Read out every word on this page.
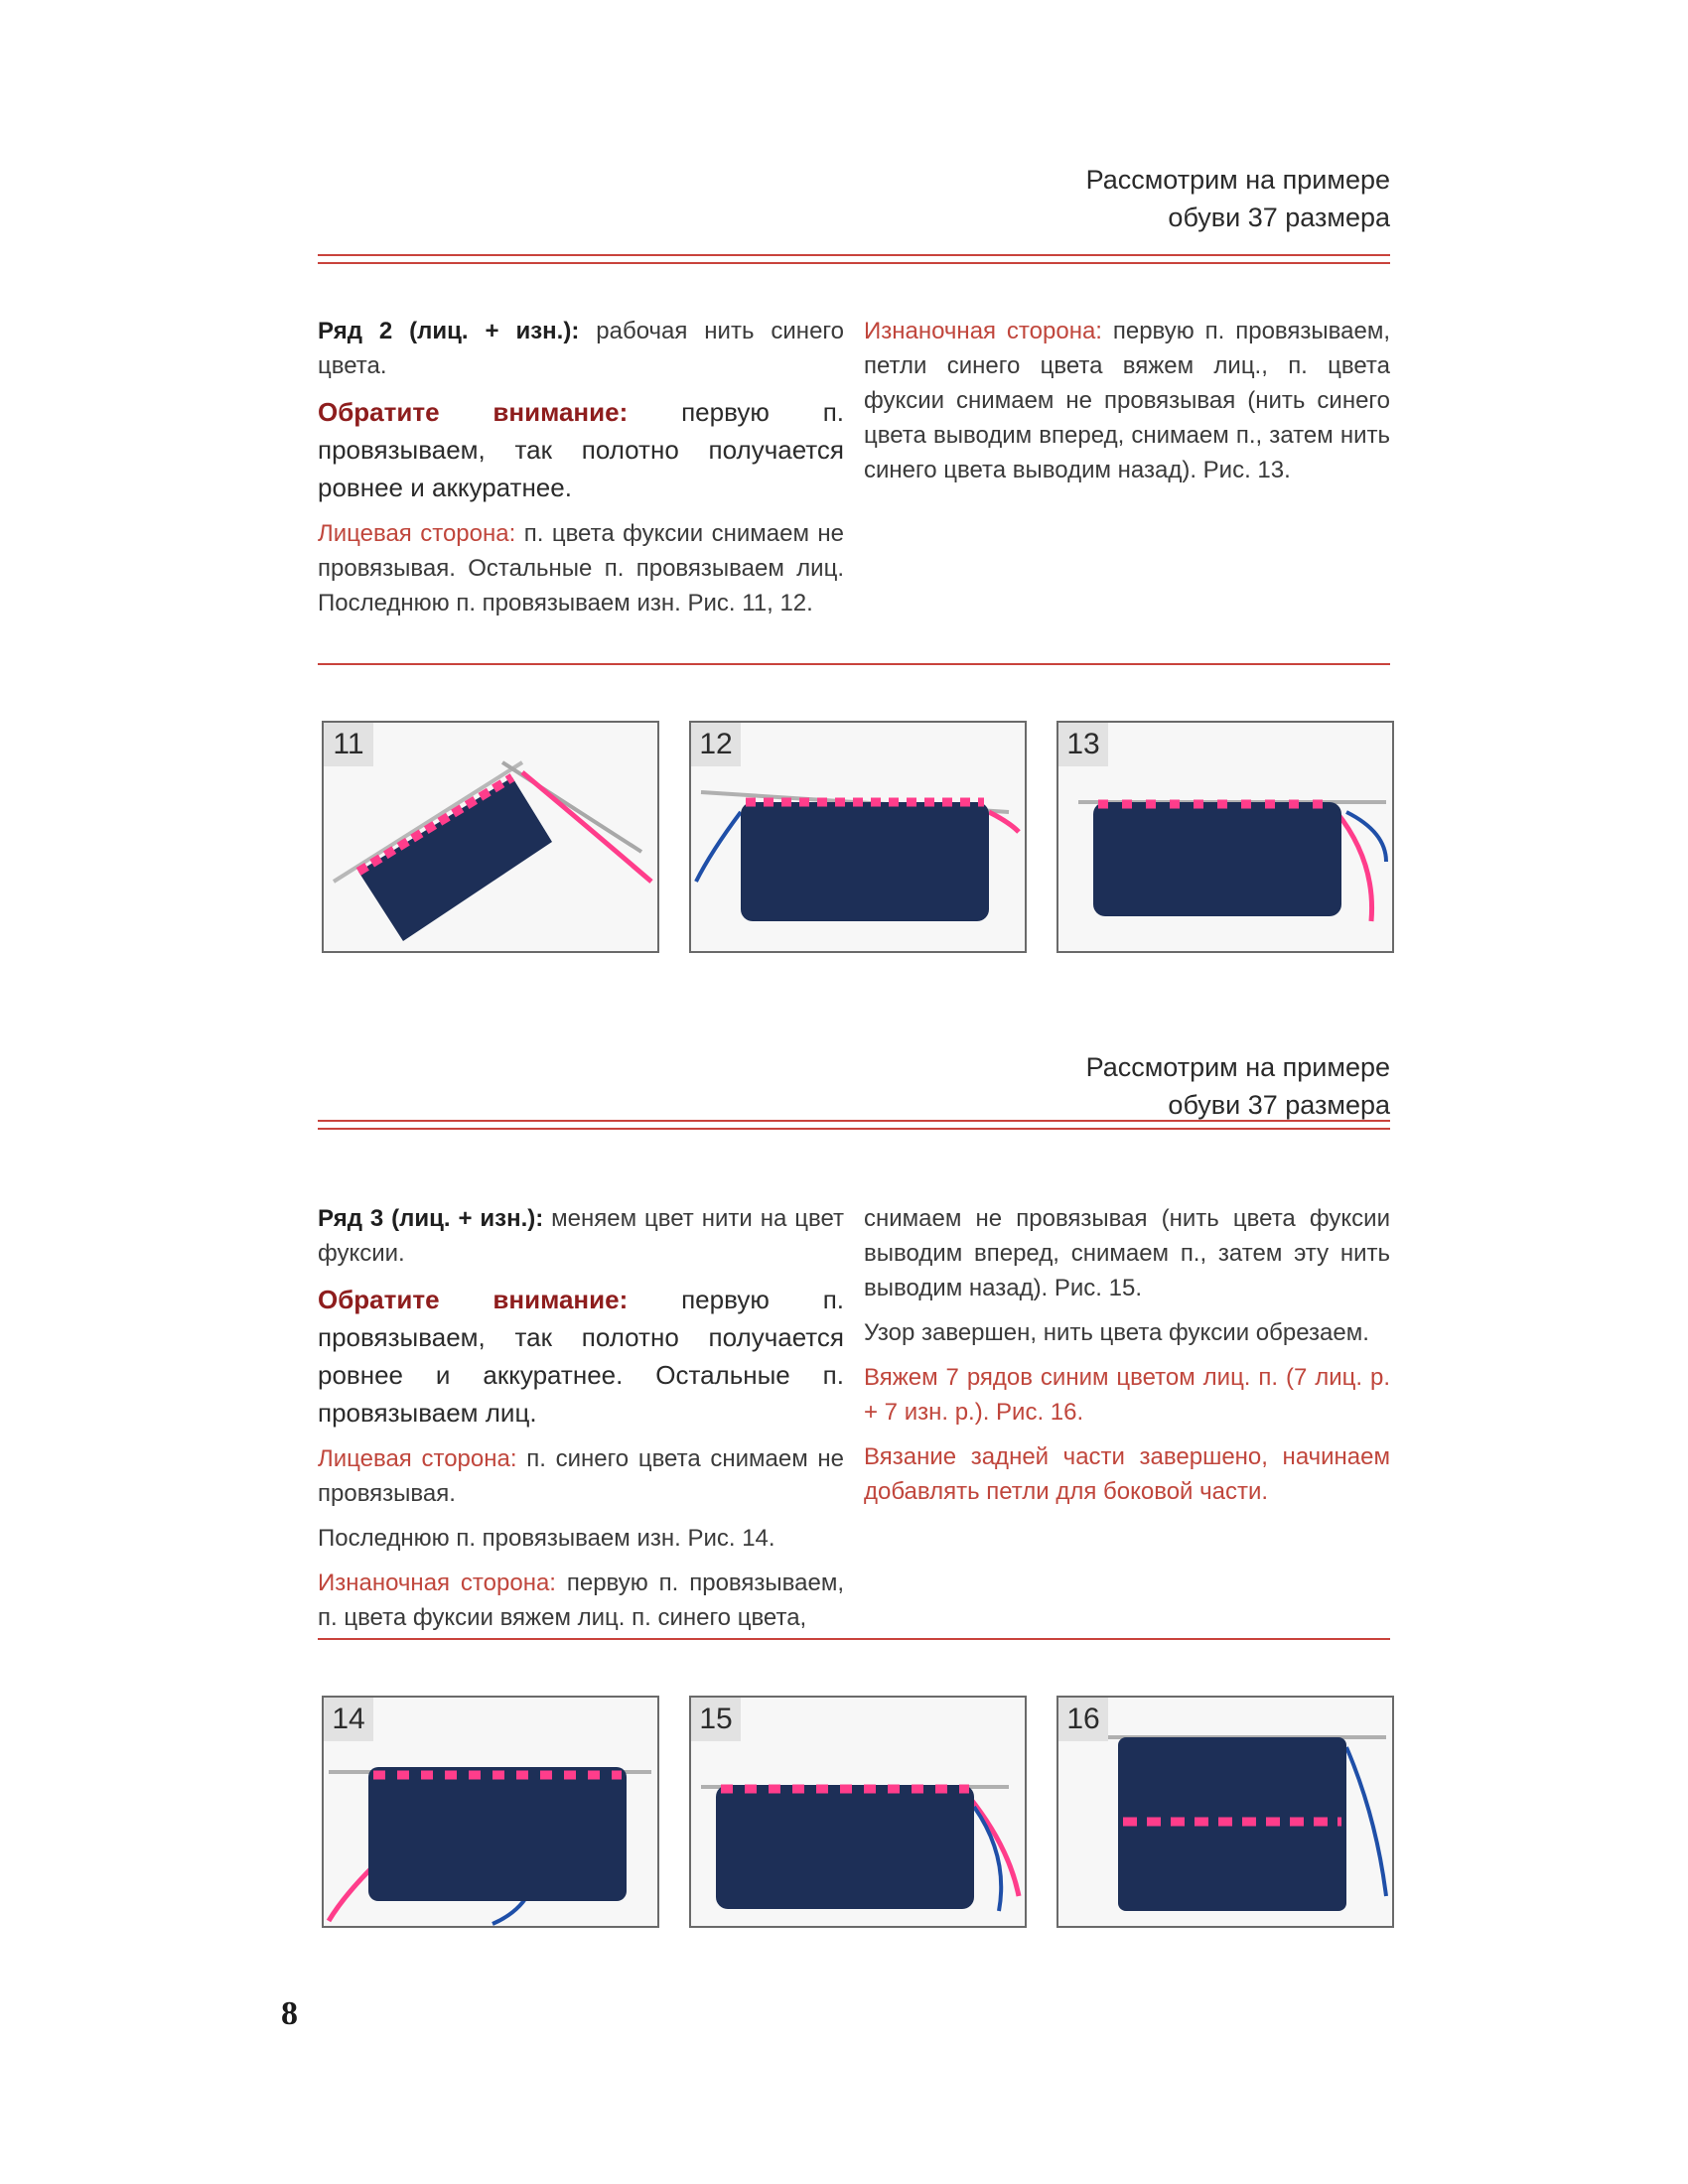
Рассмотрим на примере
обуви 37 размера

Ряд 2 (лиц. + изн.): рабочая нить синего цвета.

Обратите внимание: первую п. провязываем, так полотно получается ровнее и аккуратнее.

Лицевая сторона: п. цвета фуксии снимаем не провязывая. Остальные п. провязываем лиц. Последнюю п. провязываем изн. Рис. 11, 12.

Изнаночная сторона: первую п. провязываем, петли синего цвета вяжем лиц., п. цвета фуксии снимаем не провязывая (нить синего цвета выводим вперед, снимаем п., затем нить синего цвета выводим назад). Рис. 13.

11	12	13
Рассмотрим на примере
обуви 37 размера

Ряд 3 (лиц. + изн.): меняем цвет нити на цвет фуксии.

Обратите внимание: первую п. провязываем, так полотно получается ровнее и аккуратнее. Остальные п. провязываем лиц.

Лицевая сторона: п. синего цвета снимаем не провязывая.

Последнюю п. провязываем изн. Рис. 14.

Изнаночная сторона: первую п. провязываем, п. цвета фуксии вяжем лиц. п. синего цвета,

снимаем не провязывая (нить цвета фуксии выводим вперед, снимаем п., затем эту нить выводим назад). Рис. 15.

Узор завершен, нить цвета фуксии обрезаем.

Вяжем 7 рядов синим цветом лиц. п. (7 лиц. р. + 7 изн. р.). Рис. 16.

Вязание задней части завершено, начинаем добавлять петли для боковой части.

14	15	16
8
